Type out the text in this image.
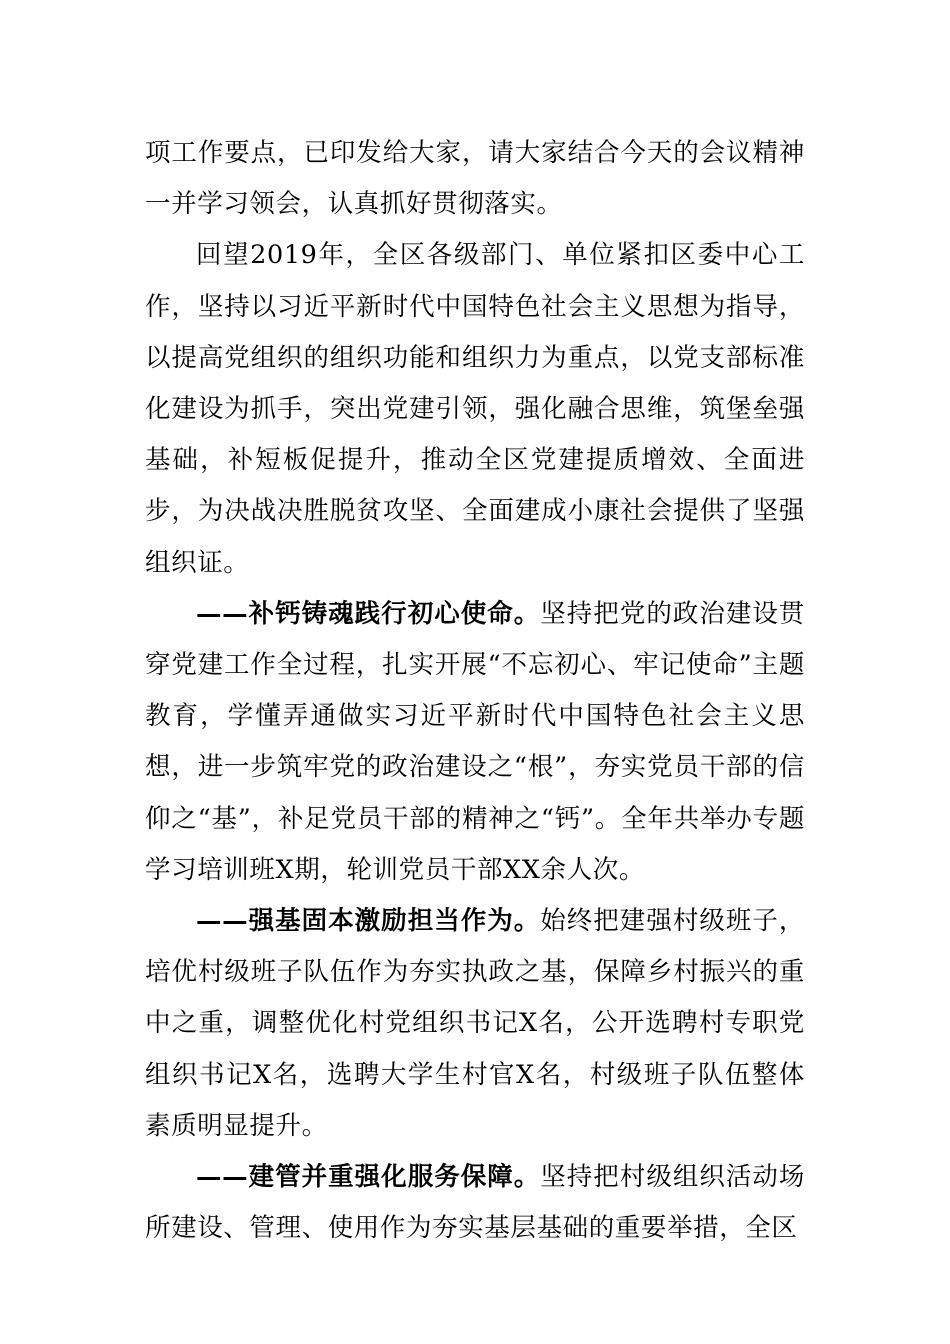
项工作要点，已印发给大家，请大家结合今天的会议精神一并学习领会，认真抓好贯彻落实。

回望2019年，全区各级部门、单位紧扣区委中心工作，坚持以习近平新时代中国特色社会主义思想为指导，以提高党组织的组织功能和组织力为重点，以党支部标准化建设为抓手，突出党建引领，强化融合思维，筑堡垒强基础，补短板促提升，推动全区党建提质增效、全面进步，为决战决胜脱贫攻坚、全面建成小康社会提供了坚强组织证。

——补钙铸魂践行初心使命。坚持把党的政治建设贯穿党建工作全过程，扎实开展“不忘初心、牢记使命”主题教育，学懂弄通做实习近平新时代中国特色社会主义思想，进一步筑牢党的政治建设之“根”，夯实党员干部的信仰之“基”，补足党员干部的精神之“钙”。全年共举办专题学习培训班X期，轮训党员干部XX余人次。

——强基固本激励担当作为。始终把建强村级班子，培优村级班子队伍作为夯实执政之基，保障乡村振兴的重中之重，调整优化村党组织书记X名，公开选聘村专职党组织书记X名，选聘大学生村官X名，村级班子队伍整体素质明显提升。

——建管并重强化服务保障。坚持把村级组织活动场所建设、管理、使用作为夯实基层基础的重要举措，全区
